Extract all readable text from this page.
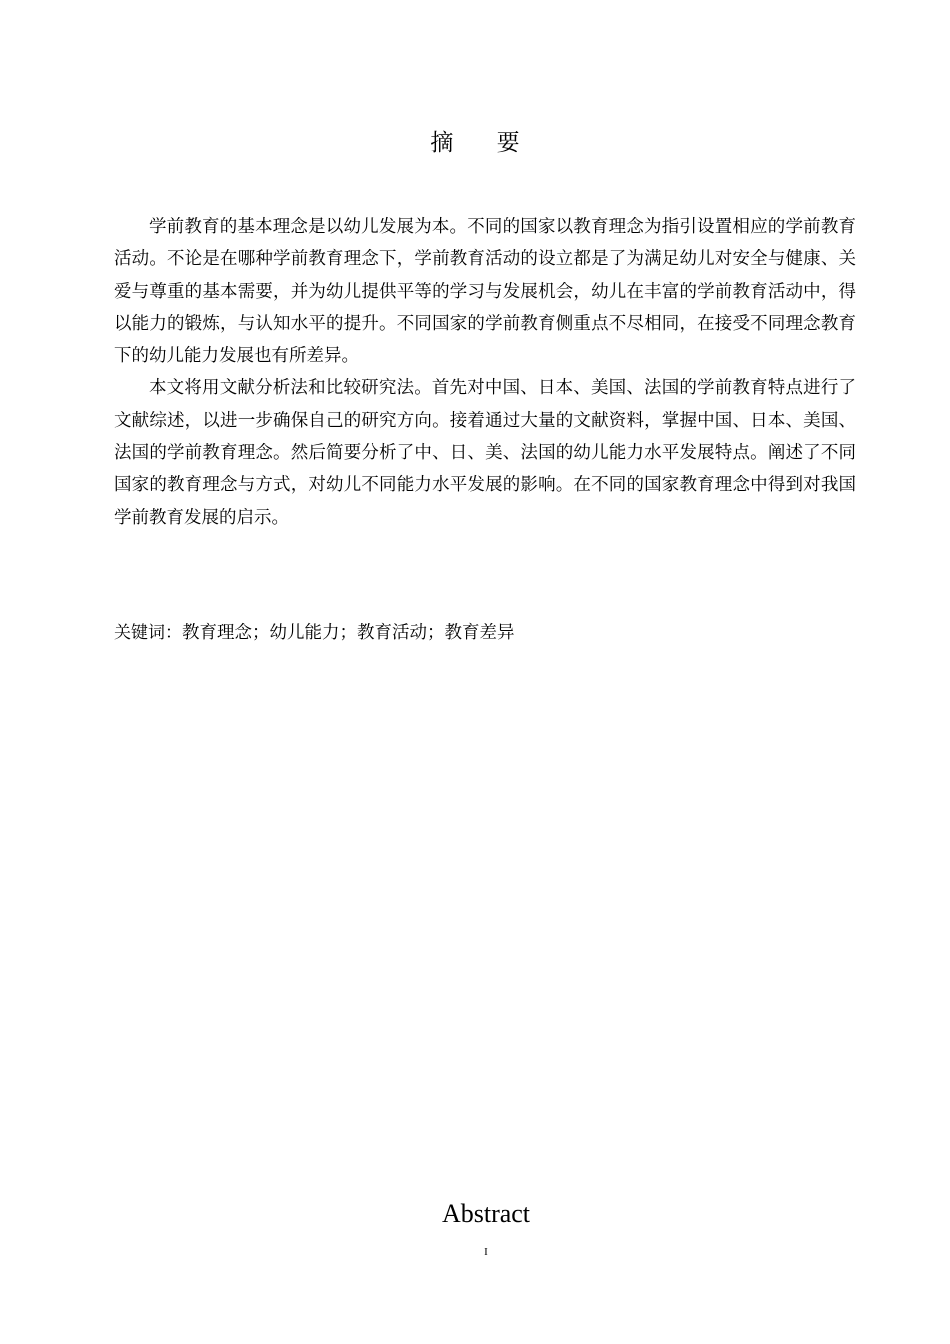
摘 要

学前教育的基本理念是以幼儿发展为本。不同的国家以教育理念为指引设置相应的学前教育活动。不论是在哪种学前教育理念下，学前教育活动的设立都是了为满足幼儿对安全与健康、关爱与尊重的基本需要，并为幼儿提供平等的学习与发展机会，幼儿在丰富的学前教育活动中，得以能力的锻炼，与认知水平的提升。不同国家的学前教育侧重点不尽相同，在接受不同理念教育下的幼儿能力发展也有所差异。

本文将用文献分析法和比较研究法。首先对中国、日本、美国、法国的学前教育特点进行了文献综述，以进一步确保自己的研究方向。接着通过大量的文献资料，掌握中国、日本、美国、法国的学前教育理念。然后简要分析了中、日、美、法国的幼儿能力水平发展特点。阐述了不同国家的教育理念与方式，对幼儿不同能力水平发展的影响。在不同的国家教育理念中得到对我国学前教育发展的启示。

关键词：教育理念；幼儿能力；教育活动；教育差异
Abstract
I
